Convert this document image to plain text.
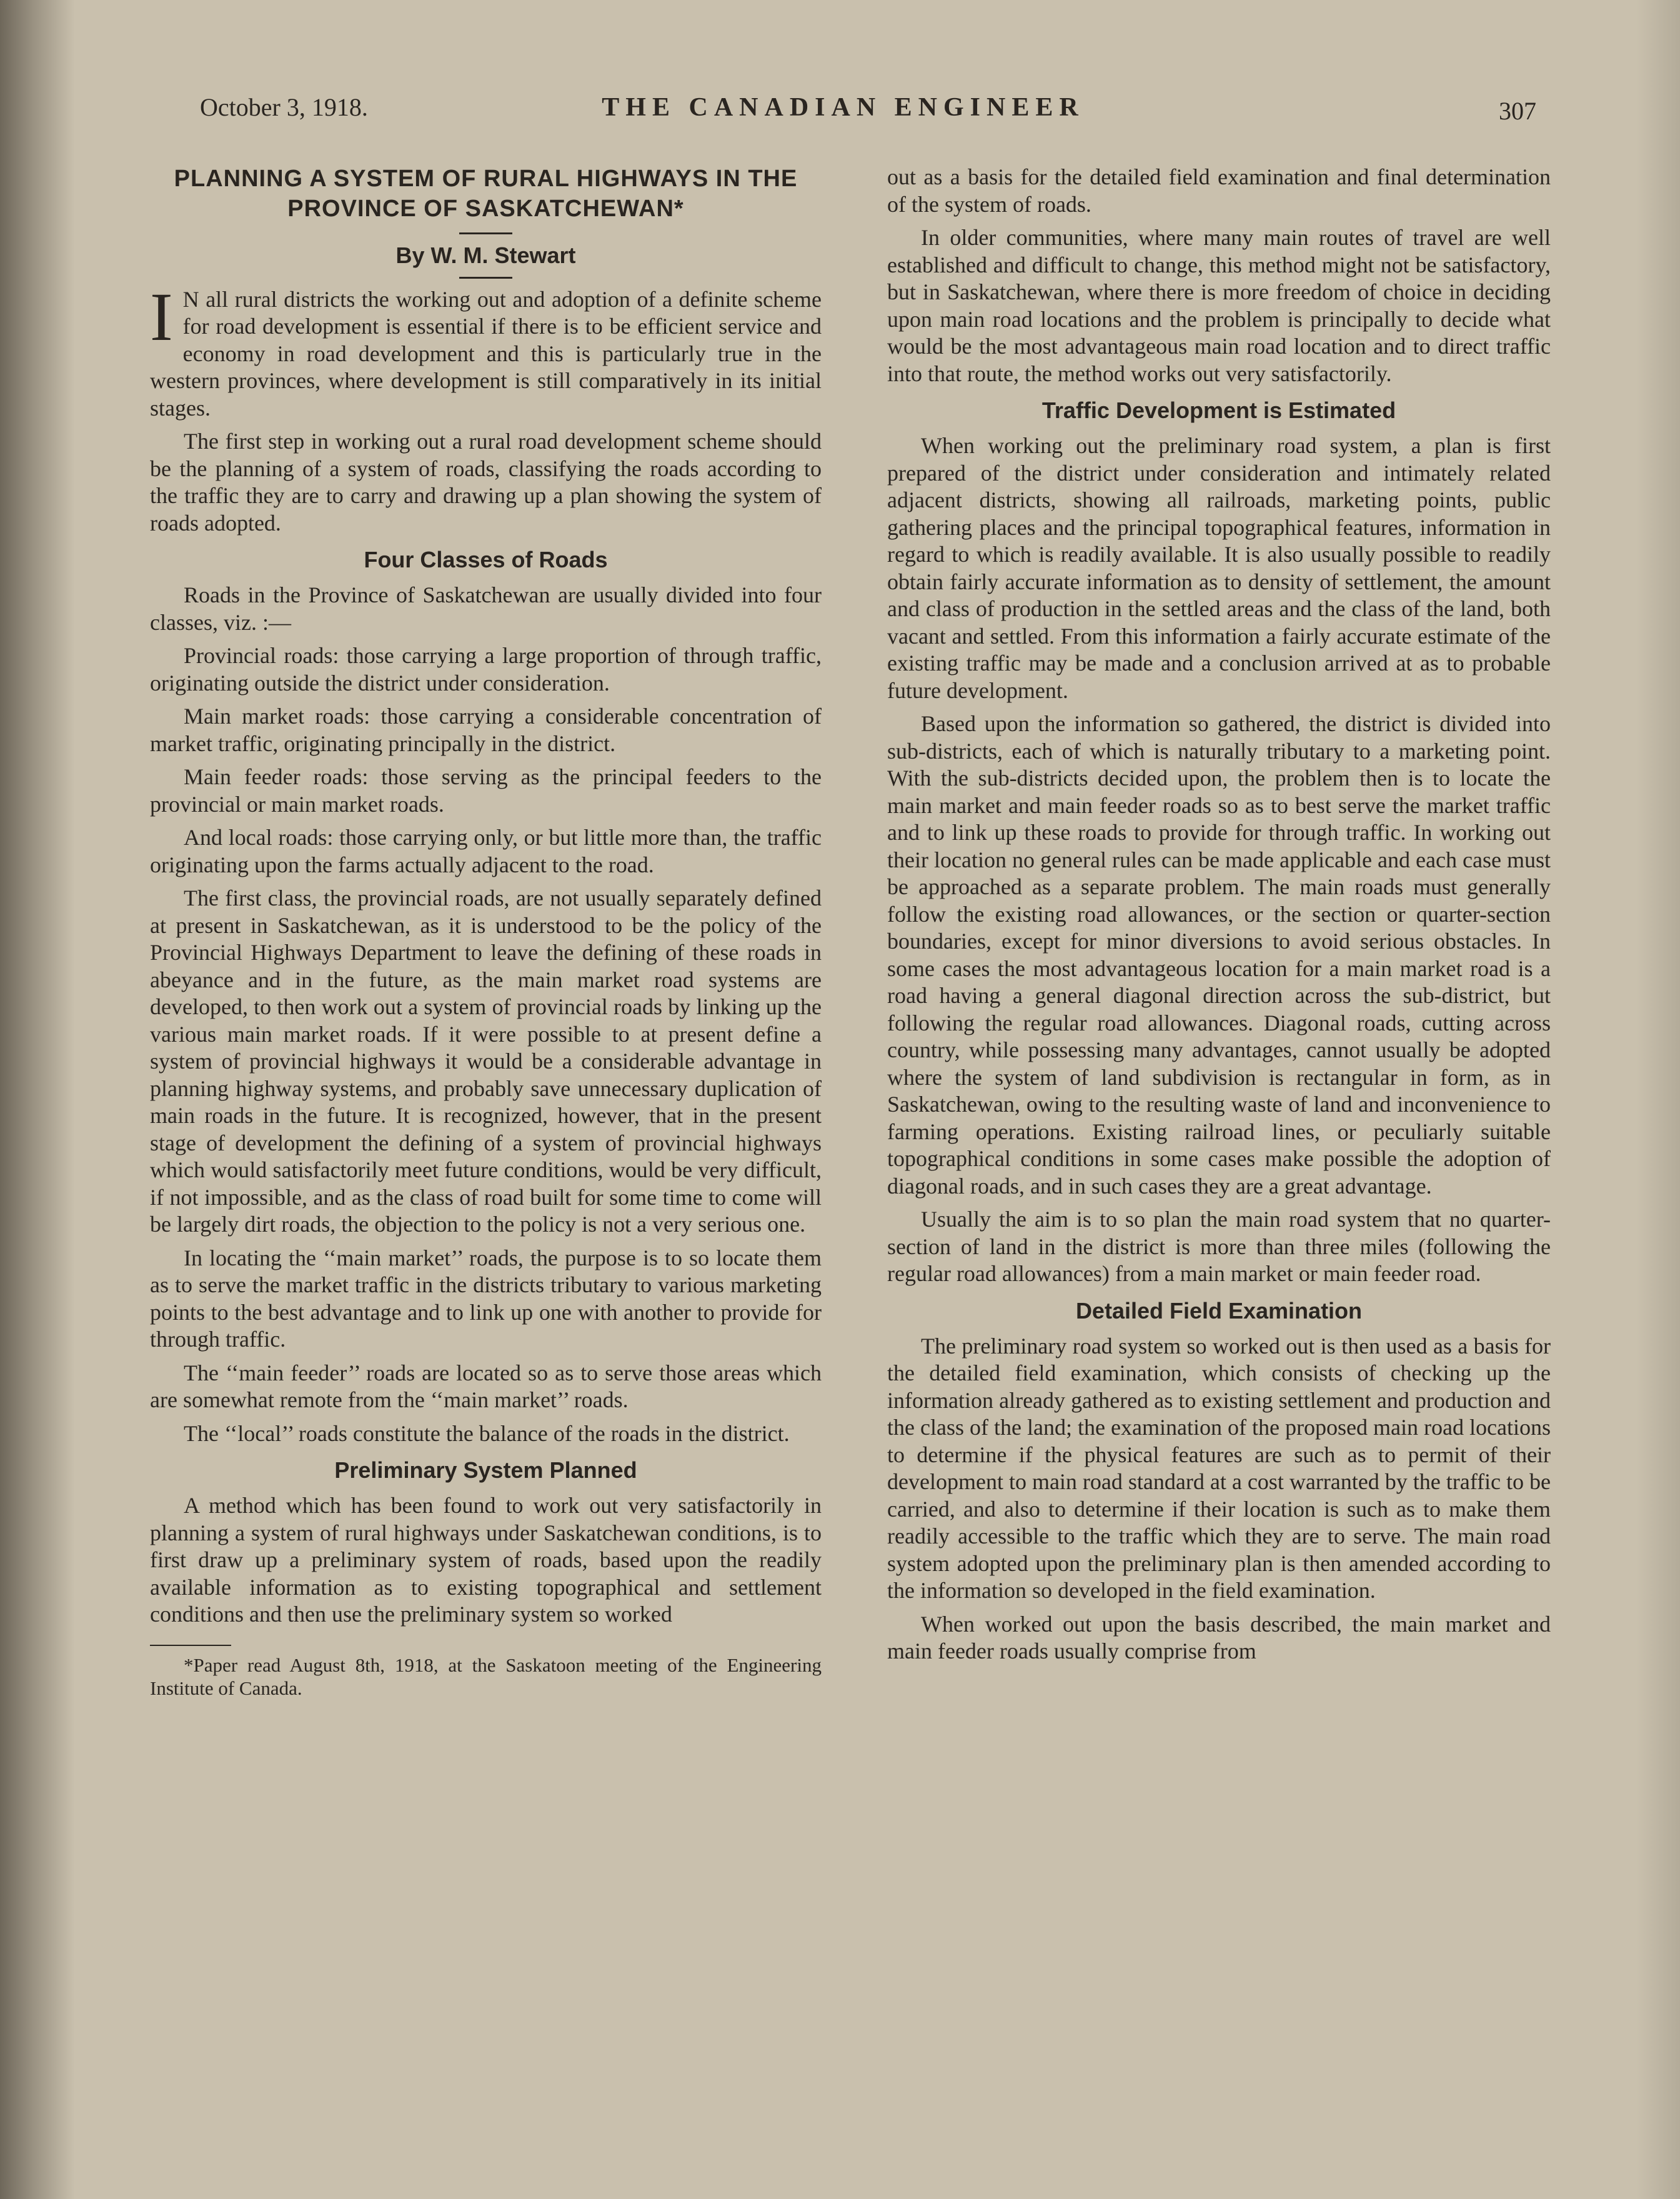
October 3, 1918.	THE CANADIAN ENGINEER	307
PLANNING A SYSTEM OF RURAL HIGHWAYS IN THE PROVINCE OF SASKATCHEWAN*
By W. M. Stewart

I N all rural districts the working out and adoption of a definite scheme for road development is essential if there is to be efficient service and economy in road development and this is particularly true in the western provinces, where development is still comparatively in its initial stages.

The first step in working out a rural road development scheme should be the planning of a system of roads, classifying the roads according to the traffic they are to carry and drawing up a plan showing the system of roads adopted.

Four Classes of Roads

Roads in the Province of Saskatchewan are usually divided into four classes, viz. :—

Provincial roads: those carrying a large proportion of through traffic, originating outside the district under consideration.

Main market roads: those carrying a considerable concentration of market traffic, originating principally in the district.

Main feeder roads: those serving as the principal feeders to the provincial or main market roads.

And local roads: those carrying only, or but little more than, the traffic originating upon the farms actually adjacent to the road.

The first class, the provincial roads, are not usually separately defined at present in Saskatchewan, as it is understood to be the policy of the Provincial Highways Department to leave the defining of these roads in abeyance and in the future, as the main market road systems are developed, to then work out a system of provincial roads by linking up the various main market roads. If it were possible to at present define a system of provincial highways it would be a considerable advantage in planning highway systems, and probably save unnecessary duplication of main roads in the future. It is recognized, however, that in the present stage of development the defining of a system of provincial highways which would satisfactorily meet future conditions, would be very difficult, if not impossible, and as the class of road built for some time to come will be largely dirt roads, the objection to the policy is not a very serious one.

In locating the ‘‘main market’’ roads, the purpose is to so locate them as to serve the market traffic in the districts tributary to various marketing points to the best advantage and to link up one with another to provide for through traffic.

The ‘‘main feeder’’ roads are located so as to serve those areas which are somewhat remote from the ‘‘main market’’ roads.

The ‘‘local’’ roads constitute the balance of the roads in the district.

Preliminary System Planned

A method which has been found to work out very satisfactorily in planning a system of rural highways under Saskatchewan conditions, is to first draw up a preliminary system of roads, based upon the readily available information as to existing topographical and settlement conditions and then use the preliminary system so worked

*Paper read August 8th, 1918, at the Saskatoon meeting of the Engineering Institute of Canada.

out as a basis for the detailed field examination and final determination of the system of roads.

In older communities, where many main routes of travel are well established and difficult to change, this method might not be satisfactory, but in Saskatchewan, where there is more freedom of choice in deciding upon main road locations and the problem is principally to decide what would be the most advantageous main road location and to direct traffic into that route, the method works out very satisfactorily.

Traffic Development is Estimated

When working out the preliminary road system, a plan is first prepared of the district under consideration and intimately related adjacent districts, showing all railroads, marketing points, public gathering places and the principal topographical features, information in regard to which is readily available. It is also usually possible to readily obtain fairly accurate information as to density of settlement, the amount and class of production in the settled areas and the class of the land, both vacant and settled. From this information a fairly accurate estimate of the existing traffic may be made and a conclusion arrived at as to probable future development.

Based upon the information so gathered, the district is divided into sub-districts, each of which is naturally tributary to a marketing point. With the sub-districts decided upon, the problem then is to locate the main market and main feeder roads so as to best serve the market traffic and to link up these roads to provide for through traffic. In working out their location no general rules can be made applicable and each case must be approached as a separate problem. The main roads must generally follow the existing road allowances, or the section or quarter-section boundaries, except for minor diversions to avoid serious obstacles. In some cases the most advantageous location for a main market road is a road having a general diagonal direction across the sub-district, but following the regular road allowances. Diagonal roads, cutting across country, while possessing many advantages, cannot usually be adopted where the system of land subdivision is rectangular in form, as in Saskatchewan, owing to the resulting waste of land and inconvenience to farming operations. Existing railroad lines, or peculiarly suitable topographical conditions in some cases make possible the adoption of diagonal roads, and in such cases they are a great advantage.

Usually the aim is to so plan the main road system that no quarter-section of land in the district is more than three miles (following the regular road allowances) from a main market or main feeder road.

Detailed Field Examination

The preliminary road system so worked out is then used as a basis for the detailed field examination, which consists of checking up the information already gathered as to existing settlement and production and the class of the land; the examination of the proposed main road locations to determine if the physical features are such as to permit of their development to main road standard at a cost warranted by the traffic to be carried, and also to determine if their location is such as to make them readily accessible to the traffic which they are to serve. The main road system adopted upon the preliminary plan is then amended according to the information so developed in the field examination.

When worked out upon the basis described, the main market and main feeder roads usually comprise from
